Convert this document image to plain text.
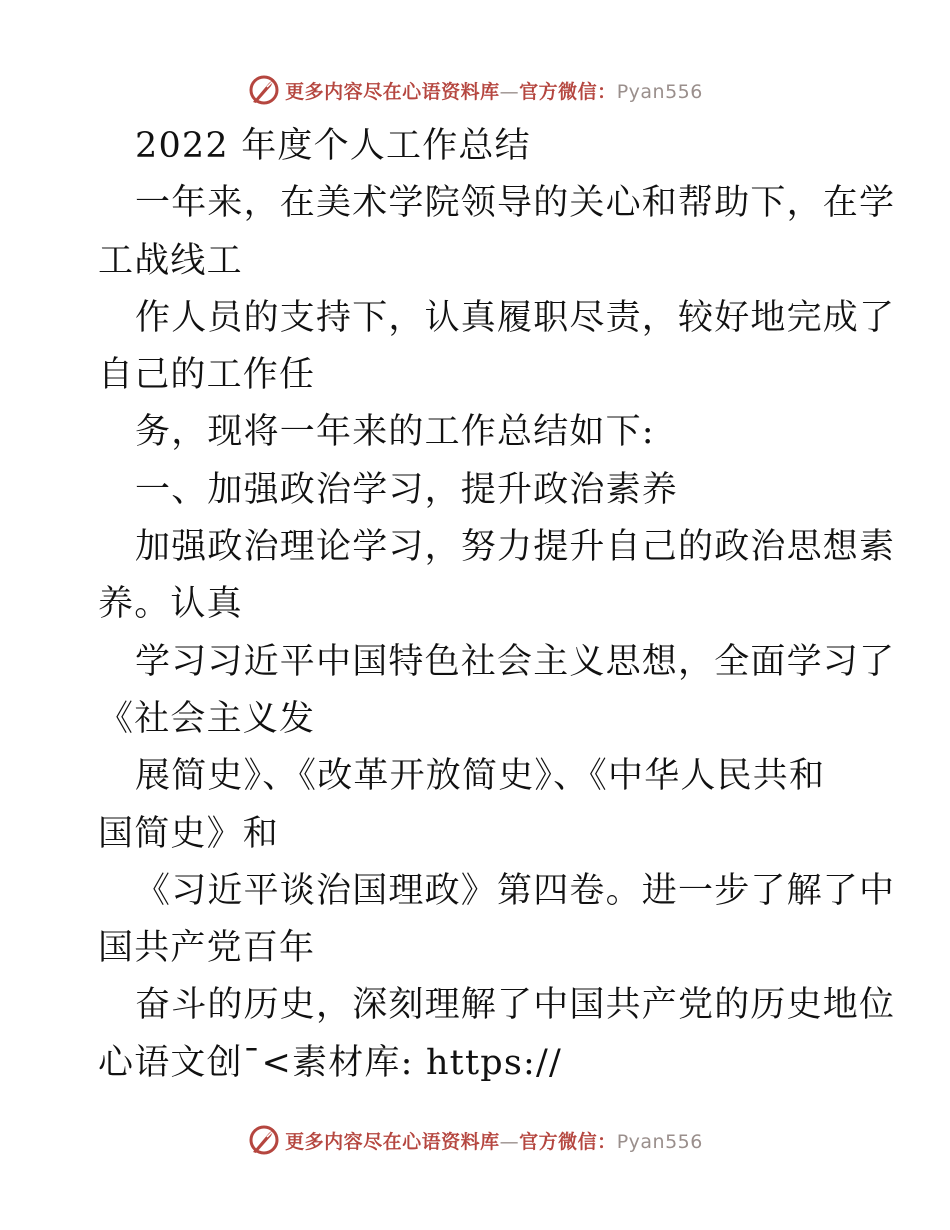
更多内容尽在心语资料库 — 官方微信： Pyan556
2022 年度个人工作总结
一年来，在美术学院领导的关心和帮助下，在学
工战线工
作人员的支持下，认真履职尽责，较好地完成了
自己的工作任
务，现将一年来的工作总结如下:
一、加强政治学习，提升政治素养
加强政治理论学习，努力提升自己的政治思想素
养。认真
学习习近平中国特色社会主义思想，全面学习了
《社会主义发
展简史》、《改革开放简史》、《中华人民共和
国简史》和
《习近平谈治国理政》第四卷。进一步了解了中
国共产党百年
奋斗的历史，深刻理解了中国共产党的历史地位
心语文创¯<素材库: https://
更多内容尽在心语资料库 — 官方微信： Pyan556
